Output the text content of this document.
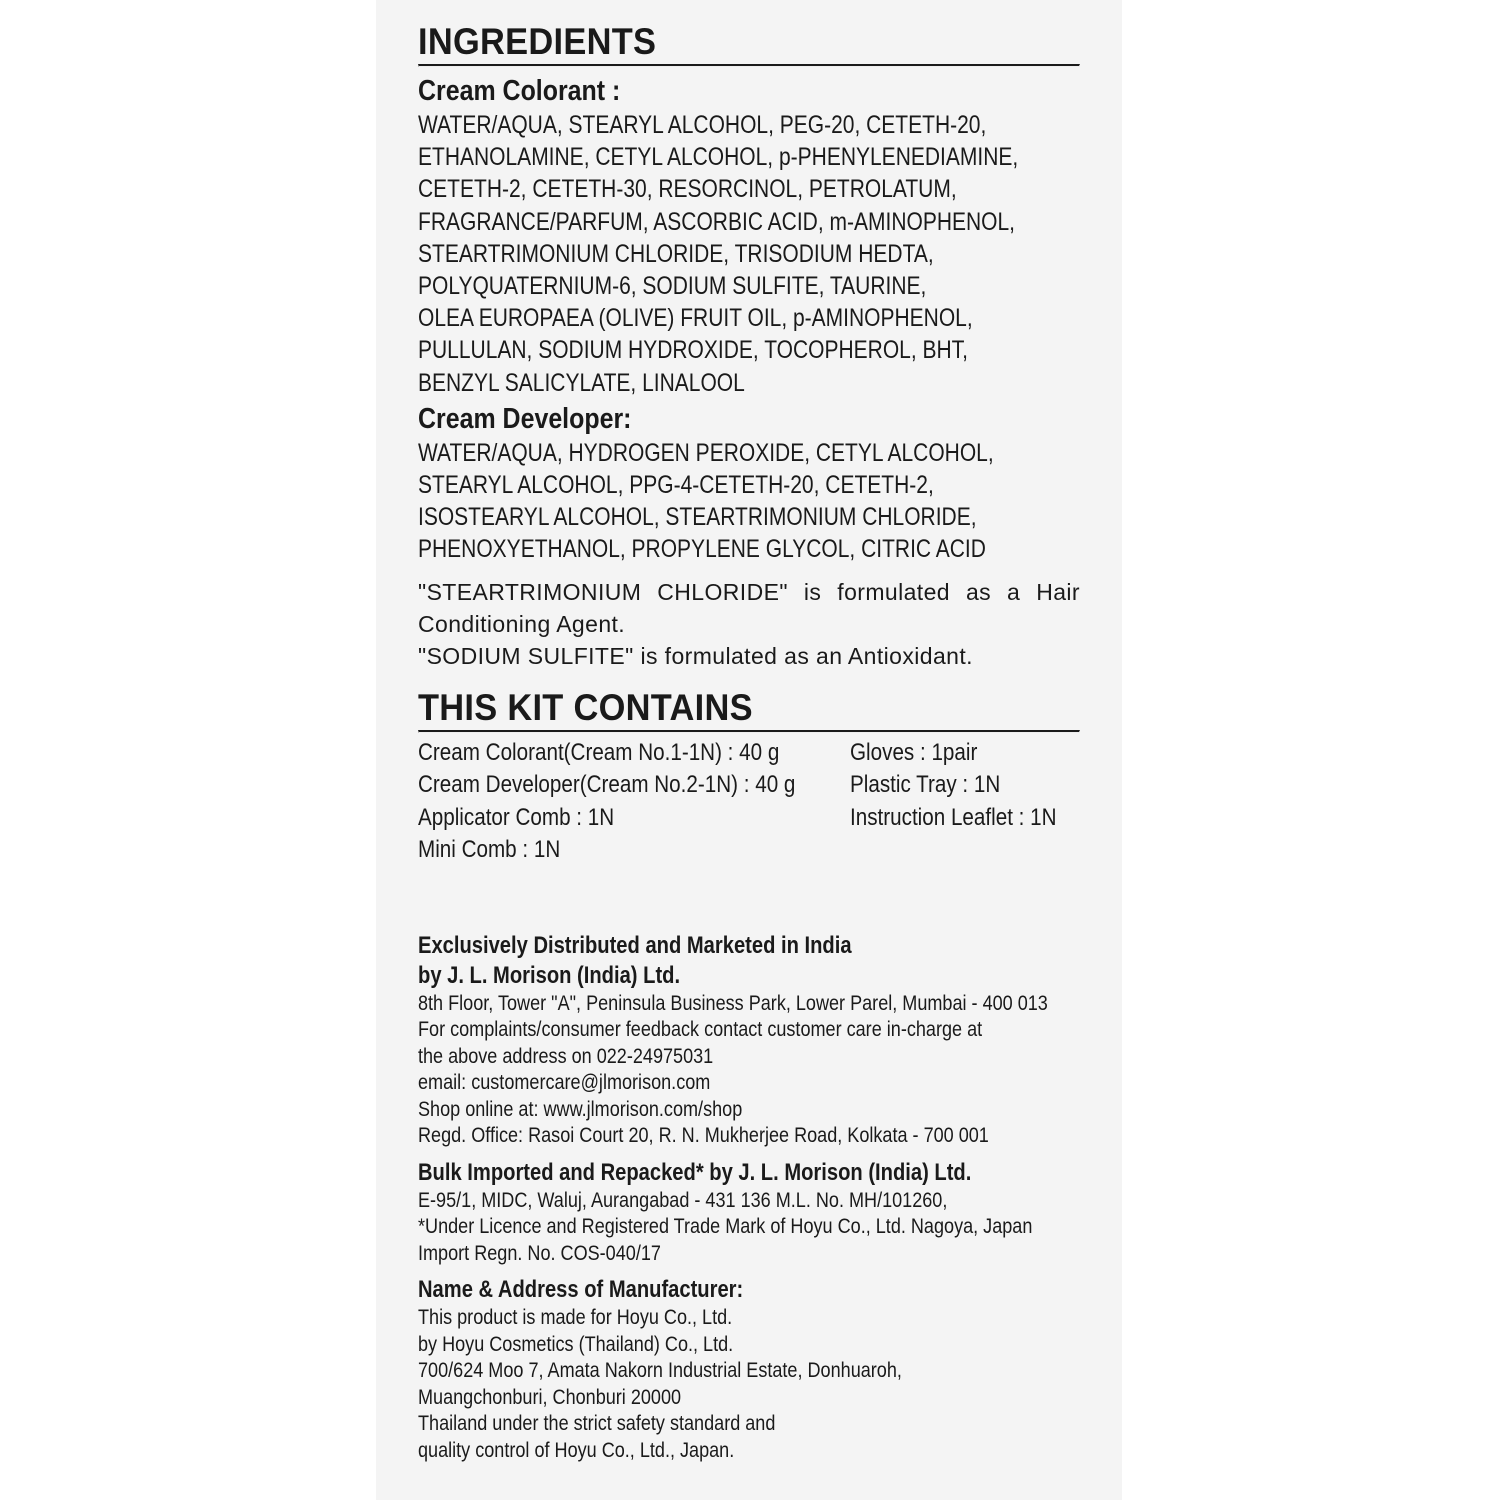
INGREDIENTS
Cream Colorant :
WATER/AQUA, STEARYL ALCOHOL, PEG-20, CETETH-20,
ETHANOLAMINE, CETYL ALCOHOL, p-PHENYLENEDIAMINE,
CETETH-2, CETETH-30, RESORCINOL, PETROLATUM,
FRAGRANCE/PARFUM, ASCORBIC ACID, m-AMINOPHENOL,
STEARTRIMONIUM CHLORIDE, TRISODIUM HEDTA,
POLYQUATERNIUM-6, SODIUM SULFITE, TAURINE,
OLEA EUROPAEA (OLIVE) FRUIT OIL, p-AMINOPHENOL,
PULLULAN, SODIUM HYDROXIDE, TOCOPHEROL, BHT,
BENZYL SALICYLATE, LINALOOL
Cream Developer:
WATER/AQUA, HYDROGEN PEROXIDE, CETYL ALCOHOL,
STEARYL ALCOHOL, PPG-4-CETETH-20, CETETH-2,
ISOSTEARYL ALCOHOL, STEARTRIMONIUM CHLORIDE,
PHENOXYETHANOL, PROPYLENE GLYCOL, CITRIC ACID
"STEARTRIMONIUM CHLORIDE" is formulated as a Hair Conditioning Agent.
"SODIUM SULFITE" is formulated as an Antioxidant.
THIS KIT CONTAINS
Cream Colorant(Cream No.1-1N) : 40 g
Cream Developer(Cream No.2-1N) : 40 g
Applicator Comb : 1N
Mini Comb : 1N
Gloves : 1pair
Plastic Tray : 1N
Instruction Leaflet : 1N
Exclusively Distributed and Marketed in India
by J. L. Morison (India) Ltd.
8th Floor, Tower "A", Peninsula Business Park, Lower Parel, Mumbai - 400 013
For complaints/consumer feedback contact customer care in-charge at
the above address on 022-24975031
email: customercare@jlmorison.com
Shop online at: www.jlmorison.com/shop
Regd. Office: Rasoi Court 20, R. N. Mukherjee Road, Kolkata - 700 001
Bulk Imported and Repacked* by J. L. Morison (India) Ltd.
E-95/1, MIDC, Waluj, Aurangabad - 431 136 M.L. No. MH/101260,
*Under Licence and Registered Trade Mark of Hoyu Co., Ltd. Nagoya, Japan
Import Regn. No. COS-040/17
Name & Address of Manufacturer:
This product is made for Hoyu Co., Ltd.
by Hoyu Cosmetics (Thailand) Co., Ltd.
700/624 Moo 7, Amata Nakorn Industrial Estate, Donhuaroh,
Muangchonburi, Chonburi 20000
Thailand under the strict safety standard and
quality control of Hoyu Co., Ltd., Japan.
